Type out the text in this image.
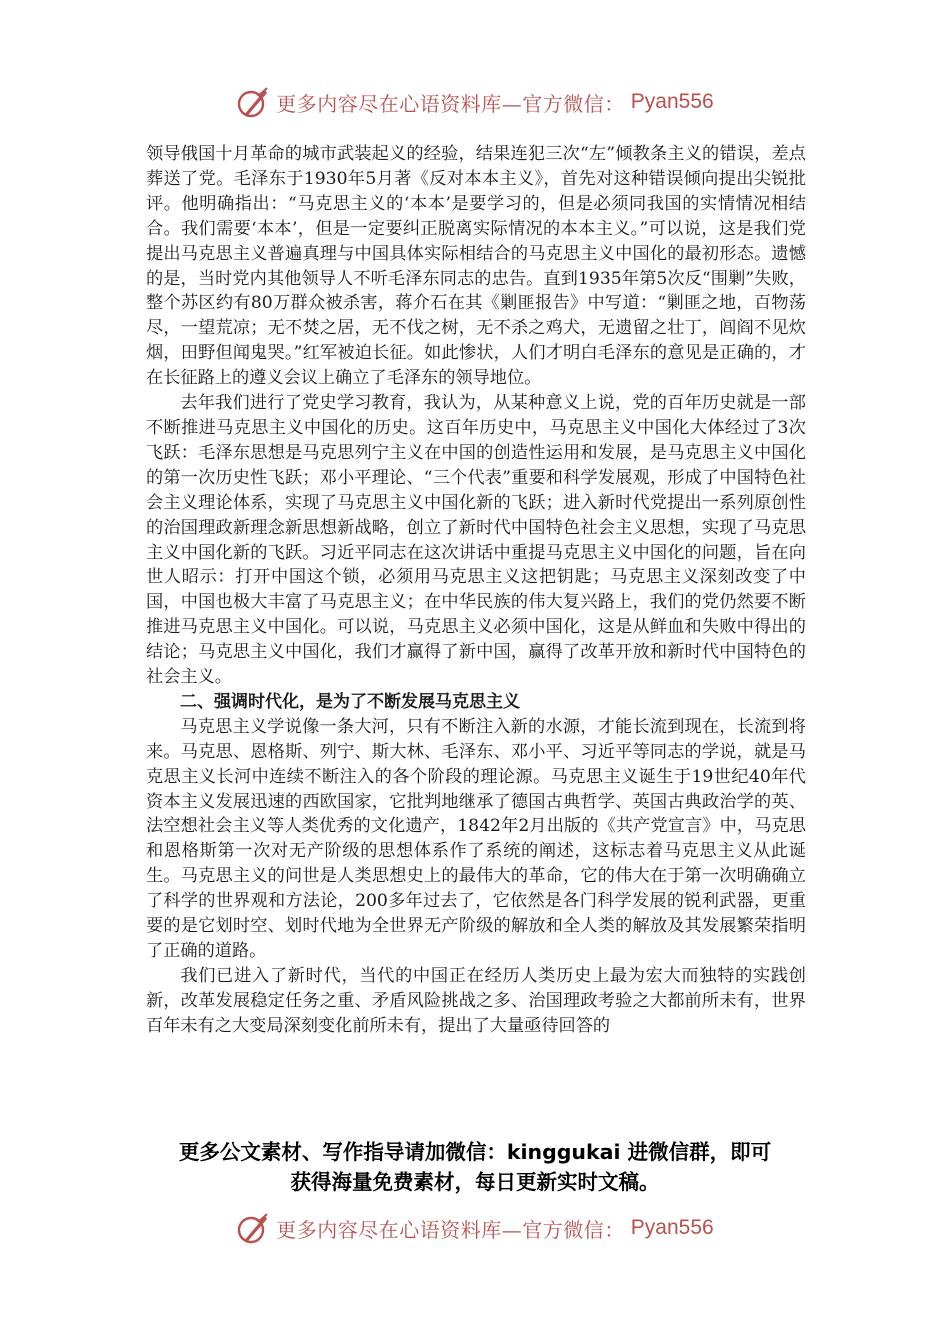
更多内容尽在心语资料库—官方微信： Pyan556

领导俄国十月革命的城市武装起义的经验，结果连犯三次“左”倾教条主义的错误，差点葬送了党。毛泽东于1930年5月著《反对本本主义》，首先对这种错误倾向提出尖锐批评。他明确指出：“马克思主义的‘本本’是要学习的，但是必须同我国的实情情况相结合。我们需要‘本本’，但是一定要纠正脱离实际情况的本本主义。”可以说，这是我们党提出马克思主义普遍真理与中国具体实际相结合的马克思主义中国化的最初形态。遗憾的是，当时党内其他领导人不听毛泽东同志的忠告。直到1935年第5次反“围剿”失败，整个苏区约有80万群众被杀害，蒋介石在其《剿匪报告》中写道：“剿匪之地，百物荡尽，一望荒凉；无不焚之居，无不伐之树，无不杀之鸡犬，无遗留之壮丁，闾阎不见炊烟，田野但闻鬼哭。”红军被迫长征。如此惨状，人们才明白毛泽东的意见是正确的，才在长征路上的遵义会议上确立了毛泽东的领导地位。

去年我们进行了党史学习教育，我认为，从某种意义上说，党的百年历史就是一部不断推进马克思主义中国化的历史。这百年历史中，马克思主义中国化大体经过了3次飞跃：毛泽东思想是马克思列宁主义在中国的创造性运用和发展，是马克思主义中国化的第一次历史性飞跃；邓小平理论、“三个代表”重要和科学发展观，形成了中国特色社会主义理论体系，实现了马克思主义中国化新的飞跃；进入新时代党提出一系列原创性的治国理政新理念新思想新战略，创立了新时代中国特色社会主义思想，实现了马克思主义中国化新的飞跃。习近平同志在这次讲话中重提马克思主义中国化的问题，旨在向世人昭示：打开中国这个锁，必须用马克思主义这把钥匙；马克思主义深刻改变了中国，中国也极大丰富了马克思主义；在中华民族的伟大复兴路上，我们的党仍然要不断推进马克思主义中国化。可以说，马克思主义必须中国化，这是从鲜血和失败中得出的结论；马克思主义中国化，我们才赢得了新中国，赢得了改革开放和新时代中国特色的社会主义。

二、强调时代化，是为了不断发展马克思主义

马克思主义学说像一条大河，只有不断注入新的水源，才能长流到现在，长流到将来。马克思、恩格斯、列宁、斯大林、毛泽东、邓小平、习近平等同志的学说，就是马克思主义长河中连续不断注入的各个阶段的理论源。马克思主义诞生于19世纪40年代资本主义发展迅速的西欧国家，它批判地继承了德国古典哲学、英国古典政治学的英、法空想社会主义等人类优秀的文化遗产，1842年2月出版的《共产党宣言》中，马克思和恩格斯第一次对无产阶级的思想体系作了系统的阐述，这标志着马克思主义从此诞生。马克思主义的问世是人类思想史上的最伟大的革命，它的伟大在于第一次明确确立了科学的世界观和方法论，200多年过去了，它依然是各门科学发展的锐利武器，更重要的是它划时空、划时代地为全世界无产阶级的解放和全人类的解放及其发展繁荣指明了正确的道路。

我们已进入了新时代，当代的中国正在经历人类历史上最为宏大而独特的实践创新，改革发展稳定任务之重、矛盾风险挑战之多、治国理政考验之大都前所未有，世界百年未有之大变局深刻变化前所未有，提出了大量亟待回答的

更多公文素材、写作指导请加微信：kinggukai 进微信群，即可
获得海量免费素材，每日更新实时文稿。
更多内容尽在心语资料库—官方微信： Pyan556
